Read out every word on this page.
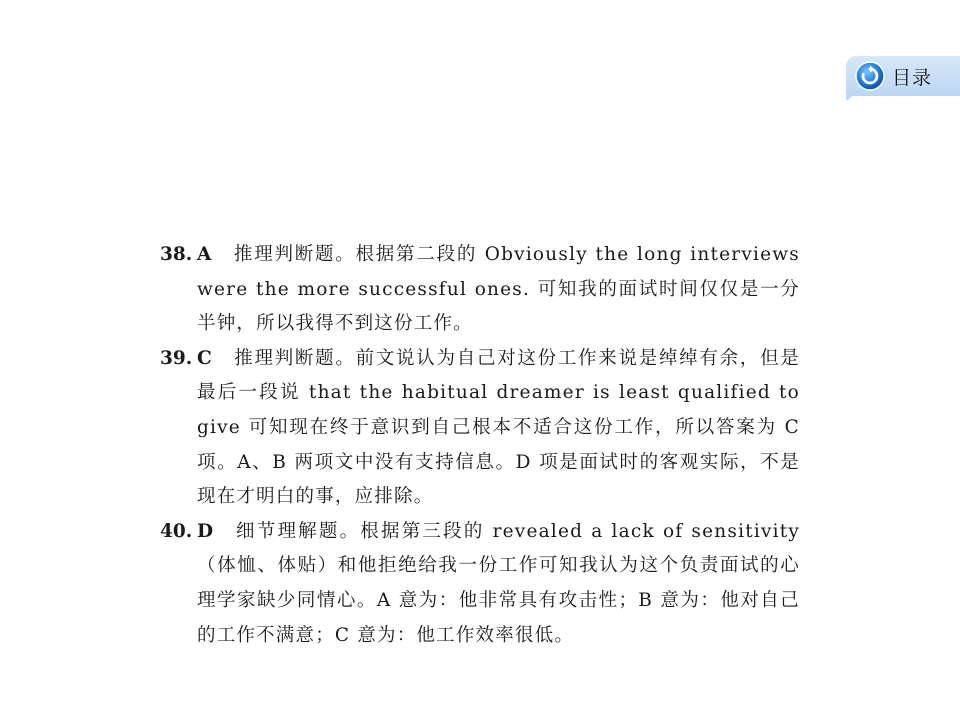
目录
38. A 推理判断题。根据第二段的 Obviously the long interviews were the more successful ones. 可知我的面试时间仅仅是一分半钟，所以我得不到这份工作。
39. C 推理判断题。前文说认为自己对这份工作来说是绰绰有余，但是最后一段说 that the habitual dreamer is least qualified to give 可知现在终于意识到自己根本不适合这份工作，所以答案为 C 项。A、B 两项文中没有支持信息。D 项是面试时的客观实际，不是现在才明白的事，应排除。
40. D 细节理解题。根据第三段的 revealed a lack of sensitivity（体恤、体贴）和他拒绝给我一份工作可知我认为这个负责面试的心理学家缺少同情心。A 意为：他非常具有攻击性；B 意为：他对自己的工作不满意；C 意为：他工作效率很低。
